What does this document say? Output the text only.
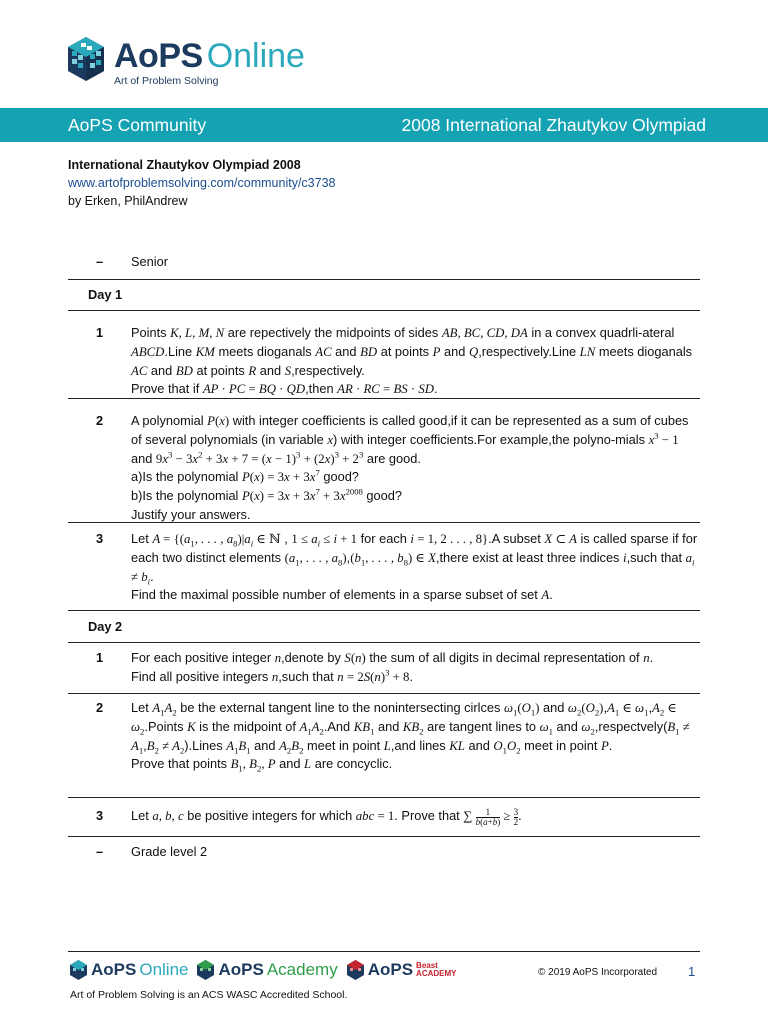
AoPS Online
Art of Problem Solving
AoPS Community	2008 International Zhautykov Olympiad
International Zhautykov Olympiad 2008
www.artofproblemsolving.com/community/c3738
by Erken, PhilAndrew
–	Senior
Day 1
1	Points K, L, M, N are repectively the midpoints of sides AB, BC, CD, DA in a convex quadrli-ateral ABCD.Line KM meets dioganals AC and BD at points P and Q,respectively.Line LN meets dioganals AC and BD at points R and S,respectively.
Prove that if AP · PC = BQ · QD,then AR · RC = BS · SD.
2	A polynomial P(x) with integer coefficients is called good,if it can be represented as a sum of cubes of several polynomials (in variable x) with integer coefficients.For example,the polyno-mials $x^3 - 1$ and $9x^3 - 3x^2 + 3x + 7 = (x - 1)^3 + (2x)^3 + 2^3$ are good.
a)Is the polynomial $P(x) = 3x + 3x^7$ good?
b)Is the polynomial $P(x) = 3x + 3x^7 + 3x^{2008}$ good?
Justify your answers.
3	Let $A = \{(a_1$, . . . , $a_8)|a_i$ ∈ ℕ , $1 \le a_i \le i + 1$ for each i = 1, 2 . . . , 8}.A subset X ⊂ A is called sparse if for each two distinct elements ($a_1$, . . . , $a_8),(b_1$, . . . , $b_8$) ∈ X,there exist at least three indices i,such that $a_i \ne b_i$.
Find the maximal possible number of elements in a sparse subset of set A.
Day 2
1	For each positive integer n,denote by S(n) the sum of all digits in decimal representation of n.
Find all positive integers n,such that $n = 2S(n)^3 + 8$.
2	Let $A_1A_2$ be the external tangent line to the nonintersecting cirlces $\omega_1(O_1)$ and $\omega_2(O_2),A_1$ ∈ $\omega_1,A_2$ ∈ $\omega_2.Points$ K is the midpoint of $A_1A_2.And$ $KB_1$ and $KB_2$ are tangent lines to $\omega_1$ and $\omega_2,respectvely(B_1 \ne A_1,B_2$ ≠ $A_2).Lines$ $A_1B_1$ and $A_2B_2$ meet in point L,and lines KL and $O_1O_2$ meet in point P.
Prove that points $B_1$, $B_2$, P and L are concyclic.
3	Let a, b, c be positive integers for which abc = 1. Prove that ∑ $\frac{1}{b(a+b)} \ge \frac{3}{2}$ .
–	Grade level 2
AoPS Online AoPS Academy AoPS Beast
ACADEMY	© 2019 AoPS Incorporated 1
Art of Problem Solving is an ACS WASC Accredited School.
